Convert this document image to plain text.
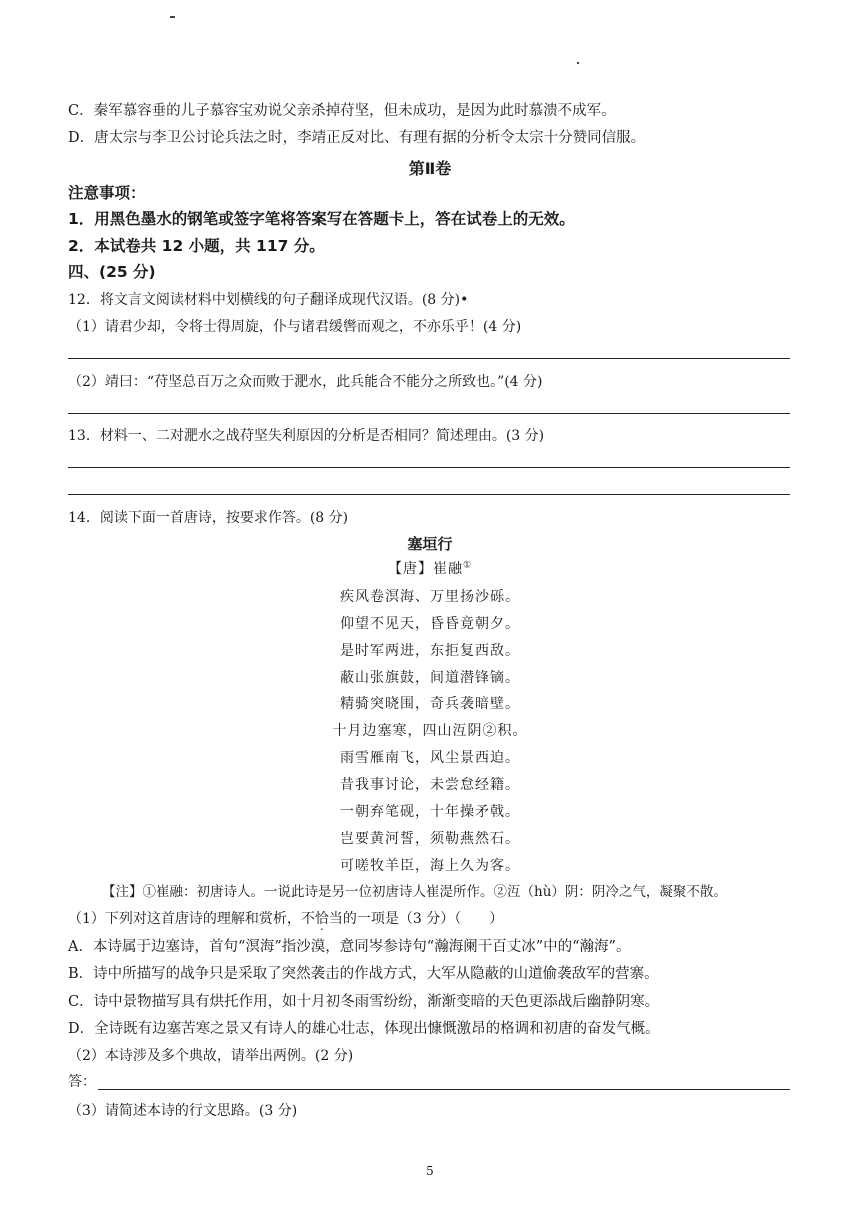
C．秦军慕容垂的儿子慕容宝劝说父亲杀掉苻坚，但未成功，是因为此时慕溃不成军。
D．唐太宗与李卫公讨论兵法之时，李靖正反对比、有理有据的分析令太宗十分赞同信服。
第Ⅱ卷
注意事项：
1．用黑色墨水的钢笔或签字笔将答案写在答题卡上，答在试卷上的无效。
2．本试卷共 12 小题，共 117 分。
四、(25 分)
12．将文言文阅读材料中划横线的句子翻译成现代汉语。(8 分)•
（1）请君少却，令将士得周旋，仆与诸君缓辔而观之，不亦乐乎！(4 分)
（2）靖曰：“苻坚总百万之众而败于淝水，此兵能合不能分之所致也。”(4 分)
13．材料一、二对淝水之战苻坚失利原因的分析是否相同？简述理由。(3 分)
14．阅读下面一首唐诗，按要求作答。(8 分)
塞垣行
【唐】崔融①
疾风卷溟海、万里扬沙砾。
仰望不见天，昏昏竟朝夕。
是时军两进，东拒复西敌。
蔽山张旗鼓，间道潜锋镝。
精骑突晓围，奇兵袭暗壁。
十月边塞寒，四山沍阴②积。
雨雪雁南飞，风尘景西迫。
昔我事讨论，未尝怠经籍。
一朝弃笔砚，十年操矛戟。
岂要黄河誓，须勒燕然石。
可嗟牧羊臣，海上久为客。
【注】①崔融：初唐诗人。一说此诗是另一位初唐诗人崔湜所作。②沍（hù）阴：阴冷之气，凝聚不散。
（1）下列对这首唐诗的理解和赏析，不恰当的一项是（3 分）（　　）
A．本诗属于边塞诗，首句“溟海”指沙漠，意同岑参诗句“瀚海阑干百丈冰”中的“瀚海”。
B．诗中所描写的战争只是采取了突然袭击的作战方式，大军从隐蔽的山道偷袭敌军的营寨。
C．诗中景物描写具有烘托作用，如十月初冬雨雪纷纷，渐渐变暗的天色更添战后幽静阴寒。
D．全诗既有边塞苦寒之景又有诗人的雄心壮志，体现出慷慨激昂的格调和初唐的奋发气概。
（2）本诗涉及多个典故，请举出两例。(2 分)
答：
（3）请简述本诗的行文思路。(3 分)
5
